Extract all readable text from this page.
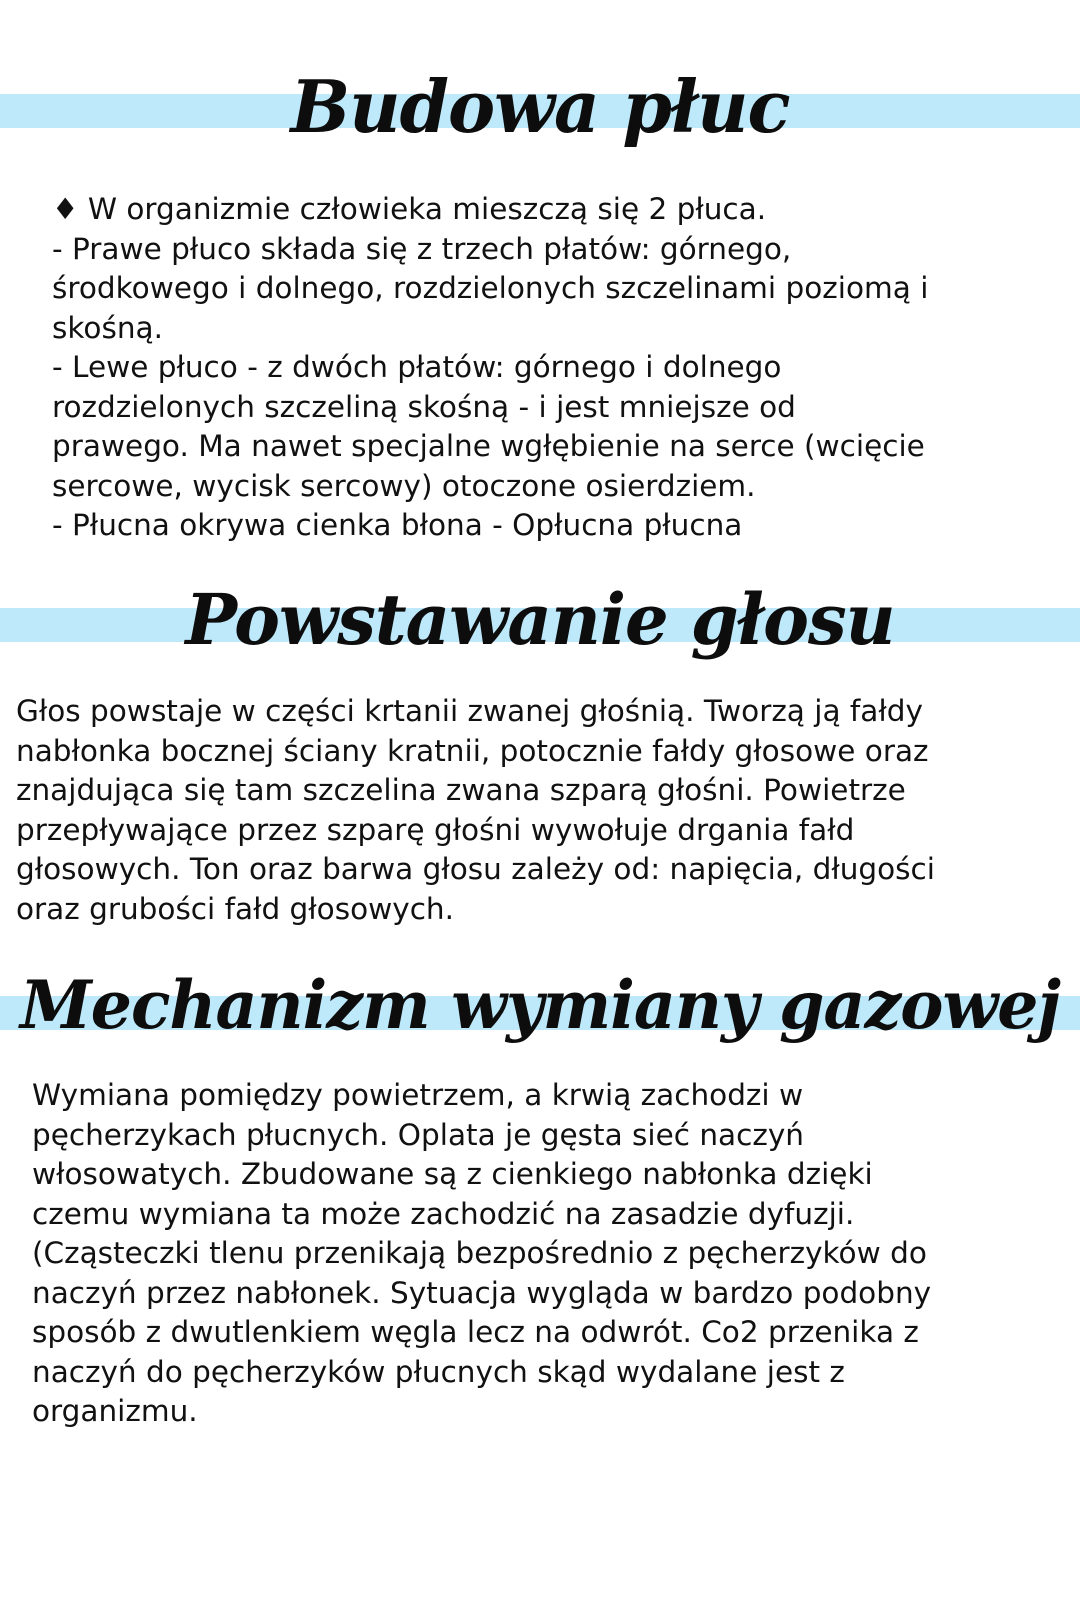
Budowa płuc
♦ W organizmie człowieka mieszczą się 2 płuca.
- Prawe płuco składa się z trzech płatów: górnego,
środkowego i dolnego, rozdzielonych szczelinami poziomą i
skośną.
- Lewe płuco - z dwóch płatów: górnego i dolnego
rozdzielonych szczeliną skośną - i jest mniejsze od
prawego. Ma nawet specjalne wgłębienie na serce (wcięcie
sercowe, wycisk sercowy) otoczone osierdziem.
- Płucna okrywa cienka błona - Opłucna płucna
Powstawanie głosu
Głos powstaje w części krtanii zwanej głośnią. Tworzą ją fałdy
nabłonka bocznej ściany kratnii, potocznie fałdy głosowe oraz
znajdująca się tam szczelina zwana szparą głośni. Powietrze
przepływające przez szparę głośni wywołuje drgania fałd
głosowych. Ton oraz barwa głosu zależy od: napięcia, długości
oraz grubości fałd głosowych.
Mechanizm wymiany gazowej
Wymiana pomiędzy powietrzem, a krwią zachodzi w
pęcherzykach płucnych. Oplata je gęsta sieć naczyń
włosowatych. Zbudowane są z cienkiego nabłonka dzięki
czemu wymiana ta może zachodzić na zasadzie dyfuzji.
(Cząsteczki tlenu przenikają bezpośrednio z pęcherzyków do
naczyń przez nabłonek. Sytuacja wygląda w bardzo podobny
sposób z dwutlenkiem węgla lecz na odwrót. Co2 przenika z
naczyń do pęcherzyków płucnych skąd wydalane jest z
organizmu.
